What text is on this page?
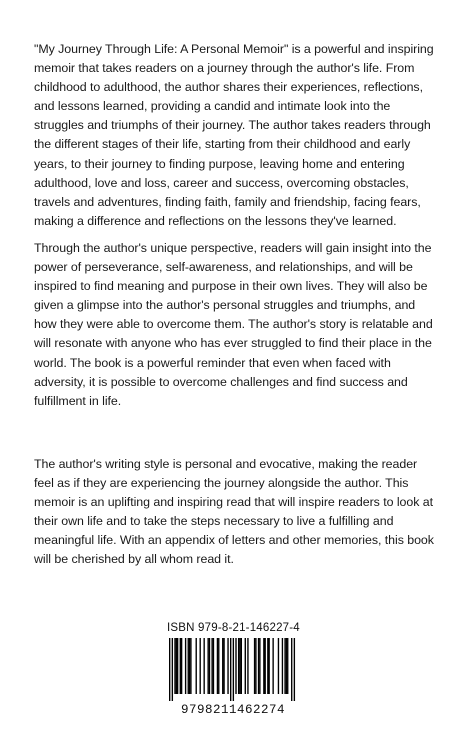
"My Journey Through Life: A Personal Memoir" is a powerful and inspiring memoir that takes readers on a journey through the author's life. From childhood to adulthood, the author shares their experiences, reflections, and lessons learned, providing a candid and intimate look into the struggles and triumphs of their journey. The author takes readers through the different stages of their life, starting from their childhood and early years, to their journey to finding purpose, leaving home and entering adulthood, love and loss, career and success, overcoming obstacles, travels and adventures, finding faith, family and friendship, facing fears, making a difference and reflections on the lessons they've learned.

Through the author's unique perspective, readers will gain insight into the power of perseverance, self-awareness, and relationships, and will be inspired to find meaning and purpose in their own lives. They will also be given a glimpse into the author's personal struggles and triumphs, and how they were able to overcome them. The author's story is relatable and will resonate with anyone who has ever struggled to find their place in the world. The book is a powerful reminder that even when faced with adversity, it is possible to overcome challenges and find success and fulfillment in life.

The author's writing style is personal and evocative, making the reader feel as if they are experiencing the journey alongside the author. This memoir is an uplifting and inspiring read that will inspire readers to look at their own life and to take the steps necessary to live a fulfilling and meaningful life. With an appendix of letters and other memories, this book will be cherished by all whom read it.

ISBN 979-8-21-146227-4
9798211462274
